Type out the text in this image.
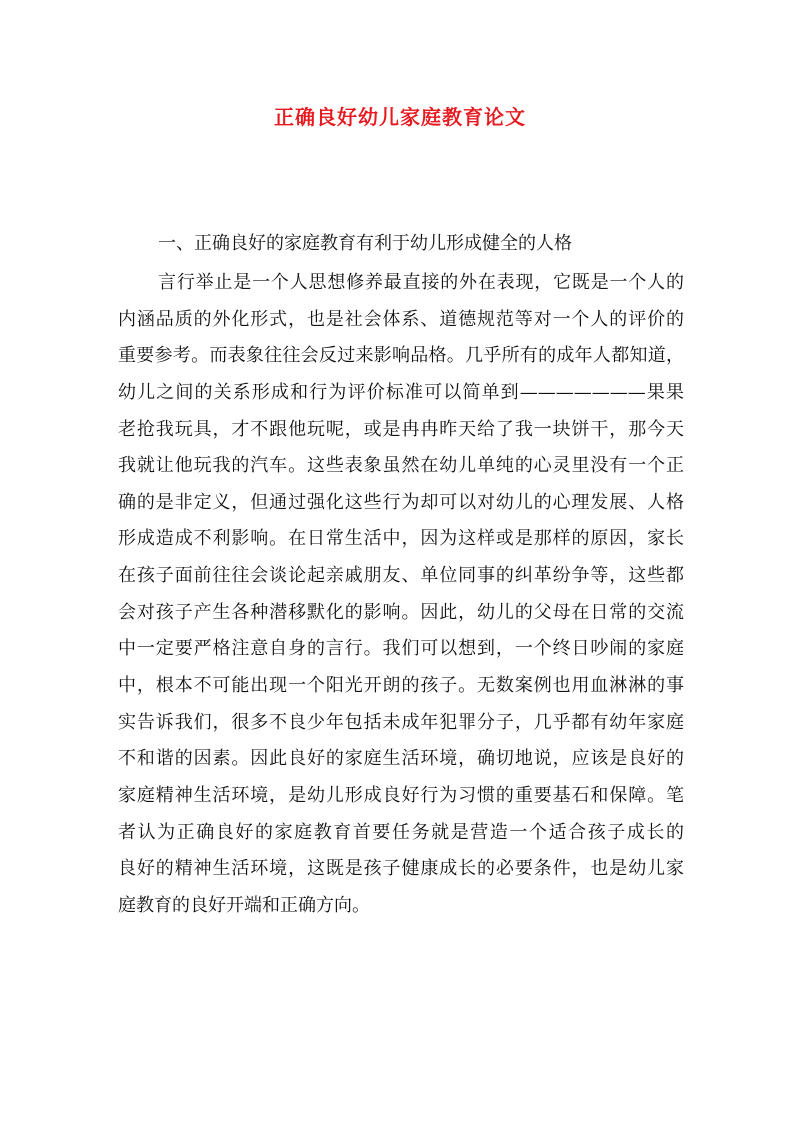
正确良好幼儿家庭教育论文
一、正确良好的家庭教育有利于幼儿形成健全的人格
言行举止是一个人思想修养最直接的外在表现，它既是一个人的
内涵品质的外化形式，也是社会体系、道德规范等对一个人的评价的
重要参考。而表象往往会反过来影响品格。几乎所有的成年人都知道，
幼儿之间的关系形成和行为评价标准可以简单到———————果果
老抢我玩具，才不跟他玩呢，或是冉冉昨天给了我一块饼干，那今天
我就让他玩我的汽车。这些表象虽然在幼儿单纯的心灵里没有一个正
确的是非定义，但通过强化这些行为却可以对幼儿的心理发展、人格
形成造成不利影响。在日常生活中，因为这样或是那样的原因，家长
在孩子面前往往会谈论起亲戚朋友、单位同事的纠革纷争等，这些都
会对孩子产生各种潜移默化的影响。因此，幼儿的父母在日常的交流
中一定要严格注意自身的言行。我们可以想到，一个终日吵闹的家庭
中，根本不可能出现一个阳光开朗的孩子。无数案例也用血淋淋的事
实告诉我们，很多不良少年包括未成年犯罪分子，几乎都有幼年家庭
不和谐的因素。因此良好的家庭生活环境，确切地说，应该是良好的
家庭精神生活环境，是幼儿形成良好行为习惯的重要基石和保障。笔
者认为正确良好的家庭教育首要任务就是营造一个适合孩子成长的
良好的精神生活环境，这既是孩子健康成长的必要条件，也是幼儿家
庭教育的良好开端和正确方向。
